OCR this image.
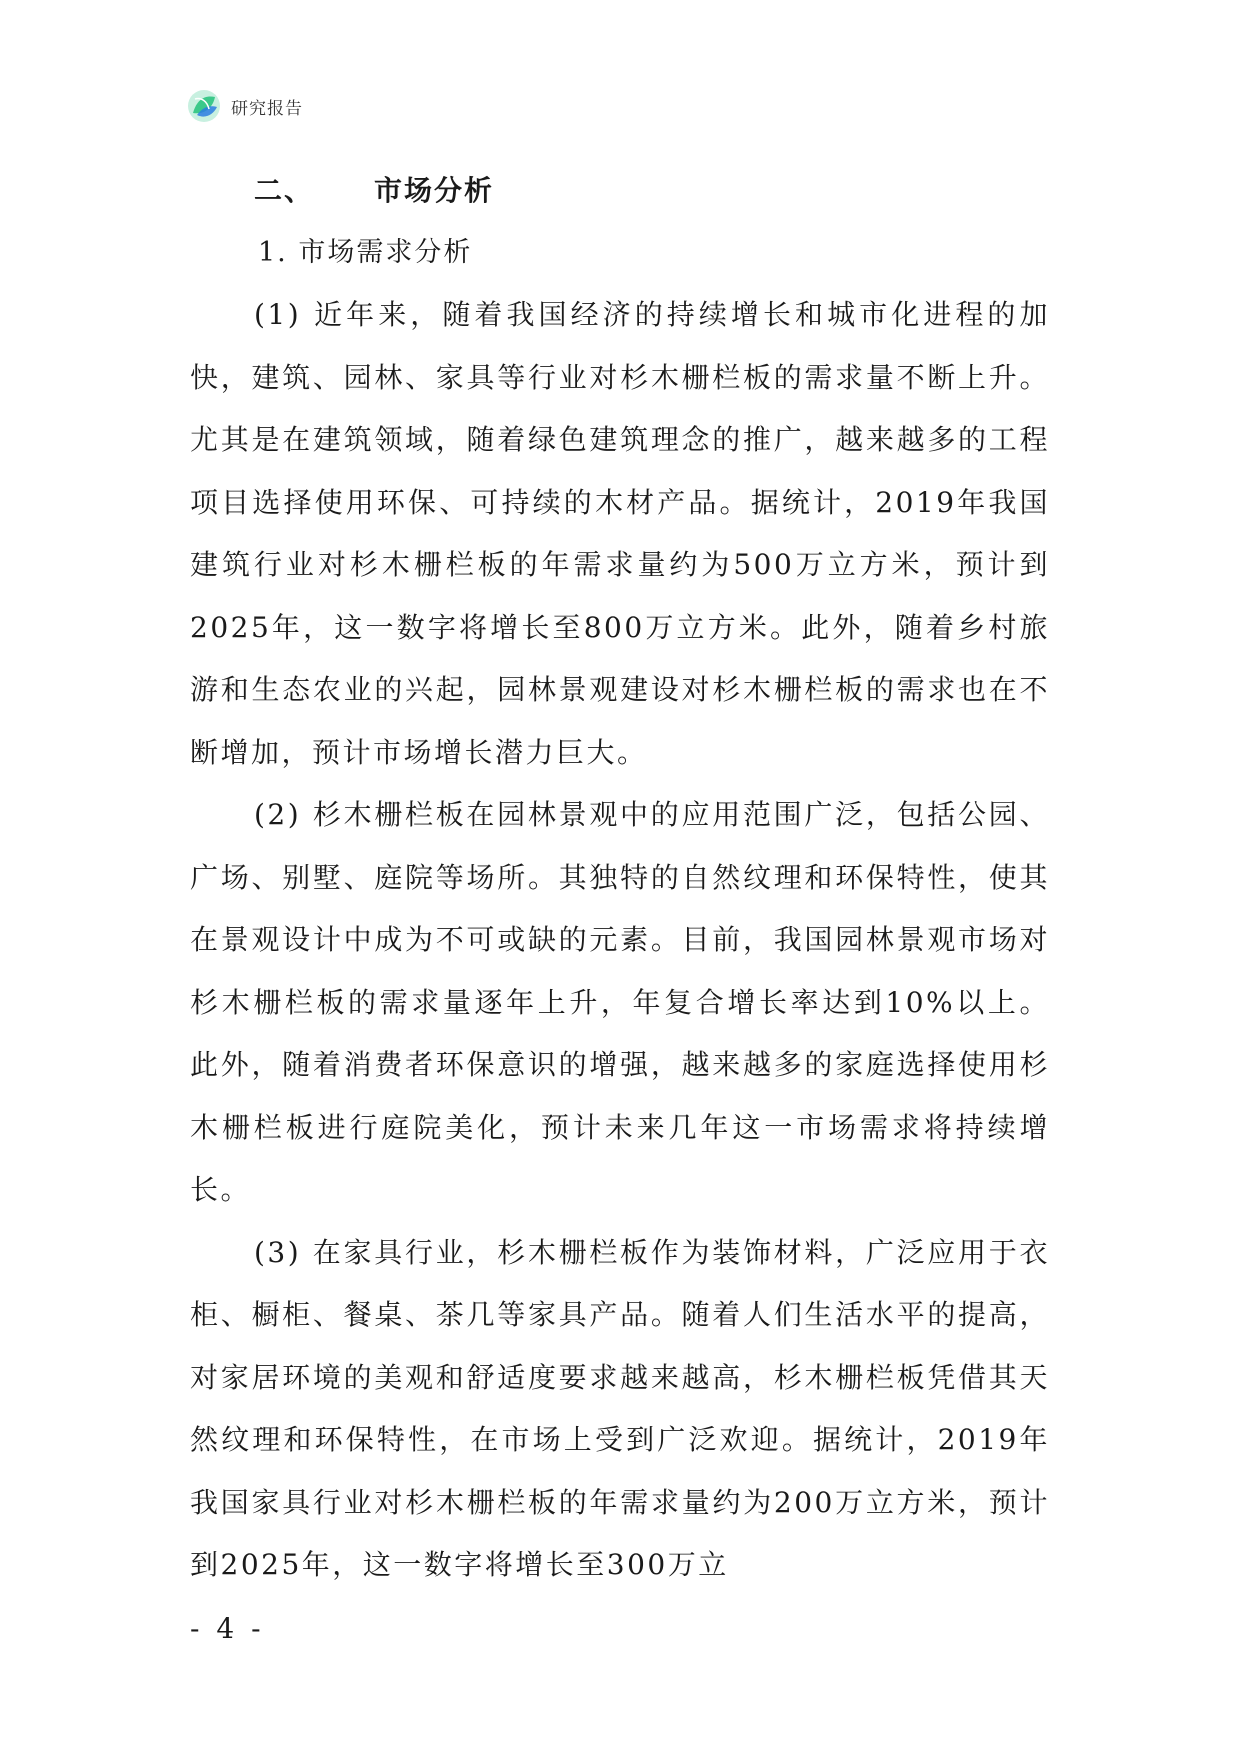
研究报告
二、 市场分析
1. 市场需求分析

(1) 近年来，随着我国经济的持续增长和城市化进程的加快，建筑、园林、家具等行业对杉木栅栏板的需求量不断上升。尤其是在建筑领域，随着绿色建筑理念的推广，越来越多的工程项目选择使用环保、可持续的木材产品。据统计，2019年我国建筑行业对杉木栅栏板的年需求量约为500万立方米，预计到2025年，这一数字将增长至800万立方米。此外，随着乡村旅游和生态农业的兴起，园林景观建设对杉木栅栏板的需求也在不断增加，预计市场增长潜力巨大。

(2) 杉木栅栏板在园林景观中的应用范围广泛，包括公园、广场、别墅、庭院等场所。其独特的自然纹理和环保特性，使其在景观设计中成为不可或缺的元素。目前，我国园林景观市场对杉木栅栏板的需求量逐年上升，年复合增长率达到10%以上。此外，随着消费者环保意识的增强，越来越多的家庭选择使用杉木栅栏板进行庭院美化，预计未来几年这一市场需求将持续增长。

(3) 在家具行业，杉木栅栏板作为装饰材料，广泛应用于衣柜、橱柜、餐桌、茶几等家具产品。随着人们生活水平的提高，对家居环境的美观和舒适度要求越来越高，杉木栅栏板凭借其天然纹理和环保特性，在市场上受到广泛欢迎。据统计，2019年我国家具行业对杉木栅栏板的年需求量约为200万立方米，预计到2025年，这一数字将增长至300万立

- 4 -
